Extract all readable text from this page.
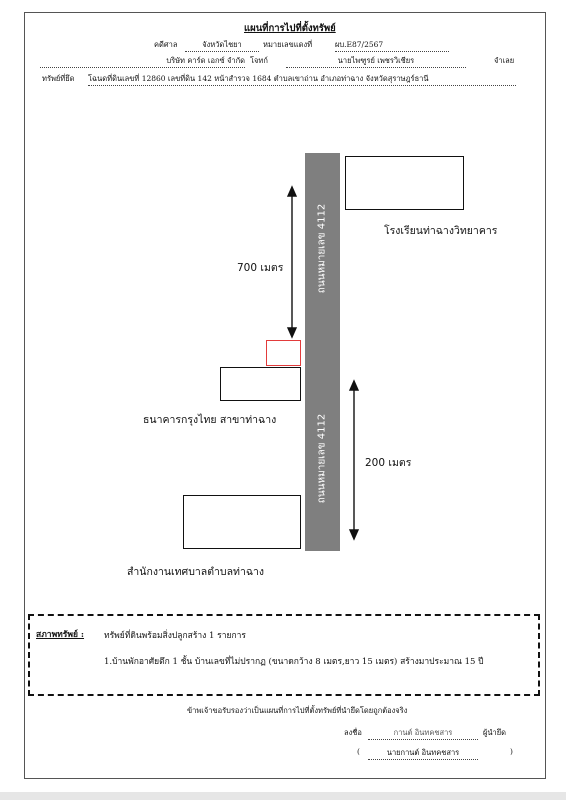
แผนที่การไปที่ตั้งทรัพย์
คดีศาล	จังหวัดไชยา	หมายเลขแดงที่	ผบ.E87/2567
บริษัท คาร์ด เอกซ์ จำกัด โจทก์	นายไพฑูรย์ เพชรวิเชียร	จำเลย
ทรัพย์ที่ยึด โฉนดที่ดินเลขที่ 12860 เลขที่ดิน 142 หน้าสำรวจ 1684 ตำบลเขาถ่าน อำเภอท่าฉาง จังหวัดสุราษฎร์ธานี
ถนนหมายเลข 4112
ถนนหมายเลข 4112
โรงเรียนท่าฉางวิทยาคาร
ธนาคารกรุงไทย สาขาท่าฉาง
สำนักงานเทศบาลตำบลท่าฉาง
700 เมตร
200 เมตร
สภาพทรัพย์ : ทรัพย์ที่ดินพร้อมสิ่งปลูกสร้าง 1 รายการ
1.บ้านพักอาศัยตึก 1 ชั้น บ้านเลขที่ไม่ปรากฏ (ขนาดกว้าง 8 เมตร,ยาว 15 เมตร) สร้างมาประมาณ 15 ปี
ข้าพเจ้าขอรับรองว่าเป็นแผนที่การไปที่ตั้งทรัพย์ที่นำยึดโดยถูกต้องจริง
ลงชื่อ	กานต์ อินทคชสาร	ผู้นำยึด
(	นายกานต์ อินทคชสาร	)
